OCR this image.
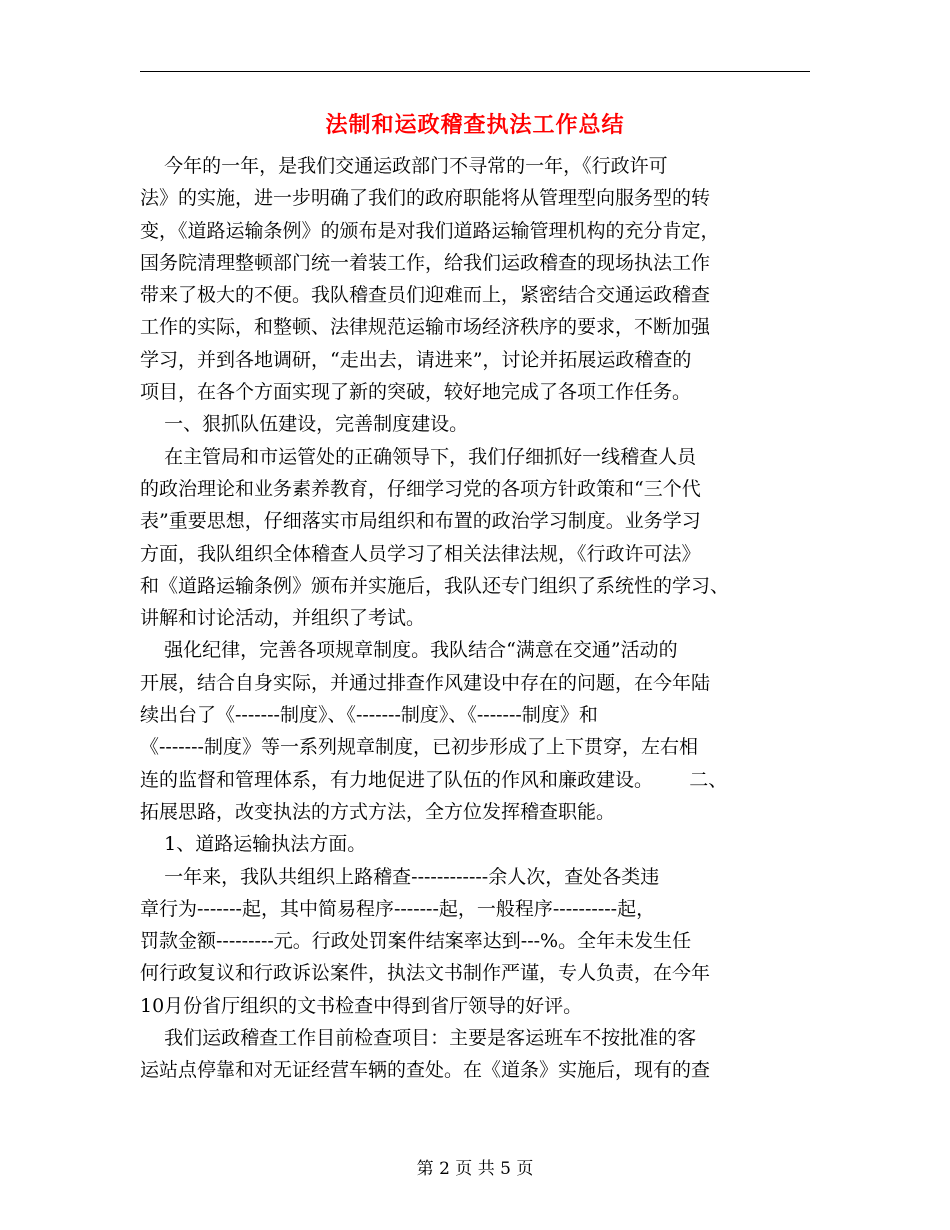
法制和运政稽查执法工作总结
今年的一年，是我们交通运政部门不寻常的一年，《行政许可
法》的实施，进一步明确了我们的政府职能将从管理型向服务型的转
变，《道路运输条例》的颁布是对我们道路运输管理机构的充分肯定，
国务院清理整顿部门统一着装工作，给我们运政稽查的现场执法工作
带来了极大的不便。我队稽查员们迎难而上，紧密结合交通运政稽查
工作的实际，和整顿、法律规范运输市场经济秩序的要求，不断加强
学习，并到各地调研，“走出去，请进来”，讨论并拓展运政稽查的
项目，在各个方面实现了新的突破，较好地完成了各项工作任务。
一、狠抓队伍建设，完善制度建设。
在主管局和市运管处的正确领导下，我们仔细抓好一线稽查人员
的政治理论和业务素养教育，仔细学习党的各项方针政策和“三个代
表”重要思想，仔细落实市局组织和布置的政治学习制度。业务学习
方面，我队组织全体稽查人员学习了相关法律法规，《行政许可法》
和《道路运输条例》颁布并实施后，我队还专门组织了系统性的学习、
讲解和讨论活动，并组织了考试。
强化纪律，完善各项规章制度。我队结合“满意在交通”活动的
开展，结合自身实际，并通过排查作风建设中存在的问题，在今年陆
续出台了《-------制度》、《-------制度》、《-------制度》和
《-------制度》等一系列规章制度，已初步形成了上下贯穿，左右相
连的监督和管理体系，有力地促进了队伍的作风和廉政建设。      二、
拓展思路，改变执法的方式方法，全方位发挥稽查职能。
1、道路运输执法方面。
一年来，我队共组织上路稽查------------余人次，查处各类违
章行为-------起，其中简易程序-------起，一般程序----------起，
罚款金额---------元。行政处罚案件结案率达到---%。全年未发生任
何行政复议和行政诉讼案件，执法文书制作严谨，专人负责，在今年
10月份省厅组织的文书检查中得到省厅领导的好评。
我们运政稽查工作目前检查项目：主要是客运班车不按批准的客
运站点停靠和对无证经营车辆的查处。在《道条》实施后，现有的查
第 2 页 共 5 页
